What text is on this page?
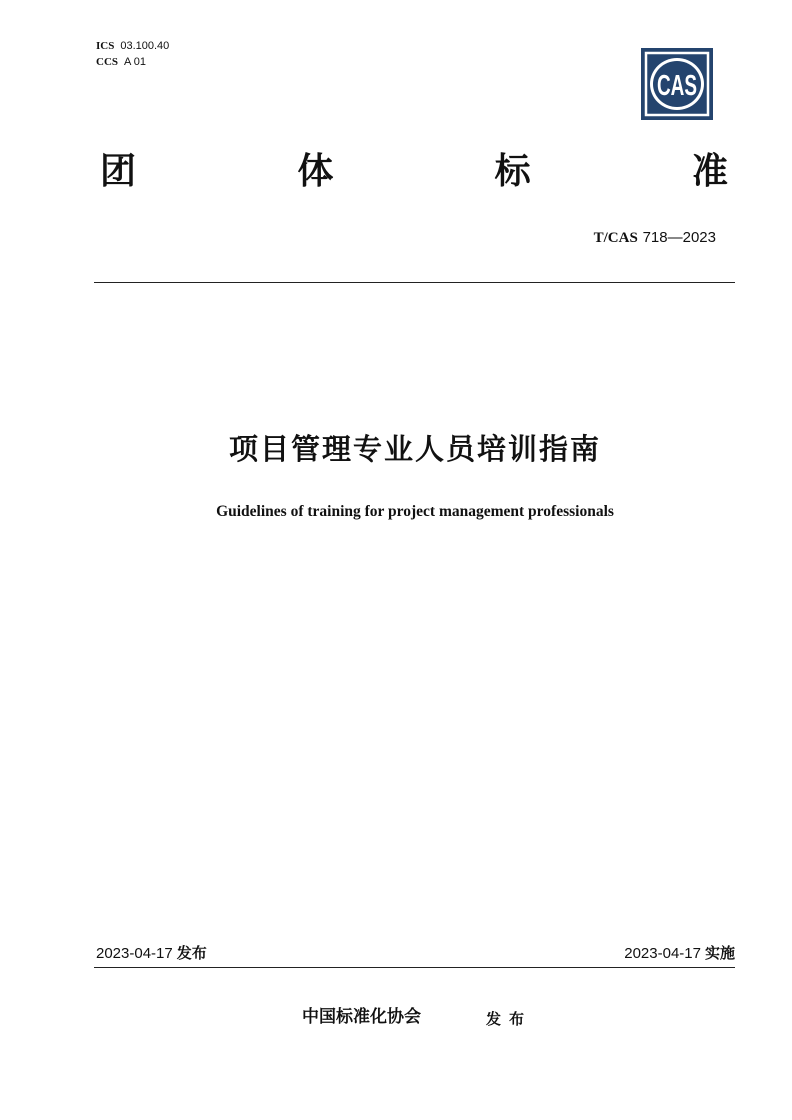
ICS 03.100.40
CCS A 01
CAS
团	体	标	准
T/CAS 718—2023
项目管理专业人员培训指南
Guidelines of training for project management professionals
2023-04-17 发布	2023-04-17 实施
中国标准化协会	发布
